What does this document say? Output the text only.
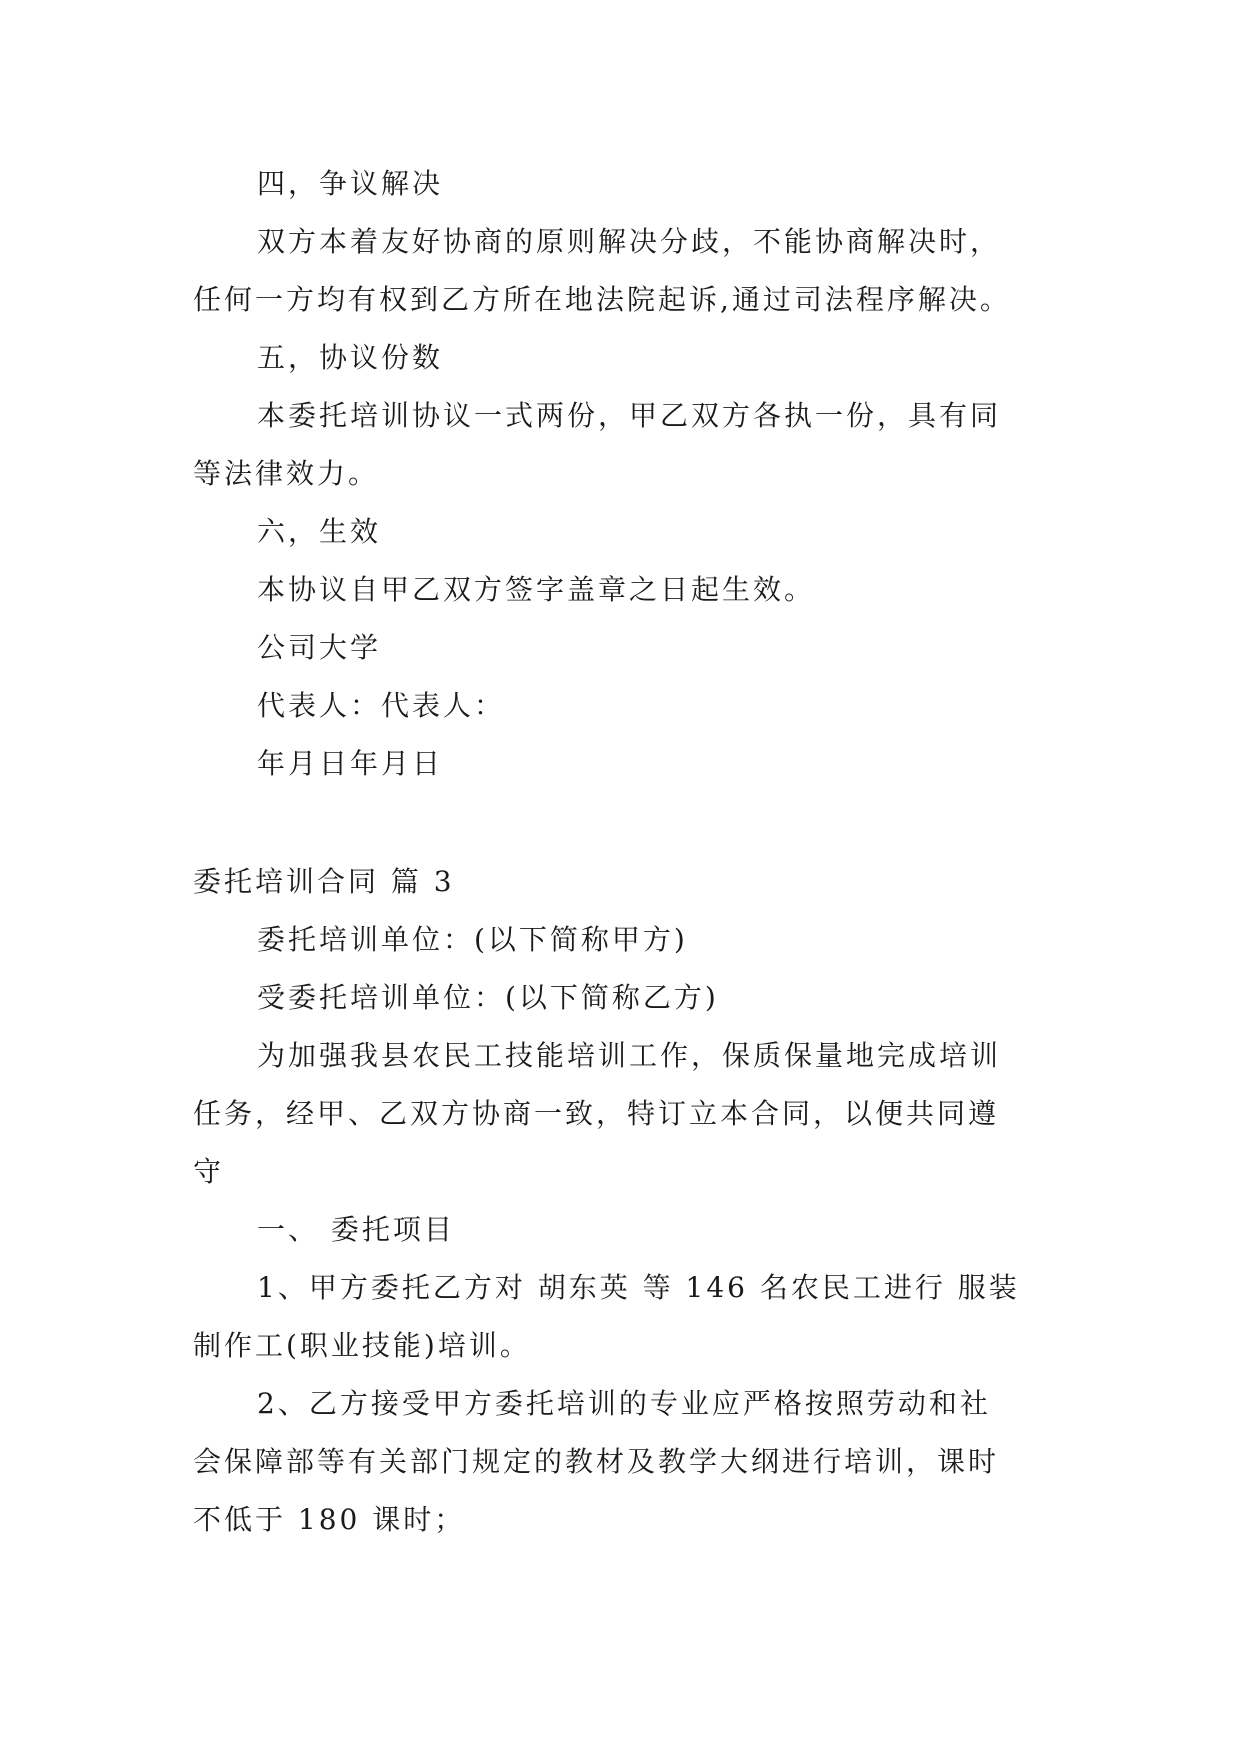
四，争议解决
双方本着友好协商的原则解决分歧，不能协商解决时，
任何一方均有权到乙方所在地法院起诉,通过司法程序解决。
五，协议份数
本委托培训协议一式两份，甲乙双方各执一份，具有同
等法律效力。
六，生效
本协议自甲乙双方签字盖章之日起生效。
公司大学
代表人：代表人：
年月日年月日
委托培训合同 篇 3
委托培训单位：(以下简称甲方)
受委托培训单位：(以下简称乙方)
为加强我县农民工技能培训工作，保质保量地完成培训
任务，经甲、乙双方协商一致，特订立本合同，以便共同遵
守
一、 委托项目
1、甲方委托乙方对 胡东英 等 146 名农民工进行 服装
制作工(职业技能)培训。
2、乙方接受甲方委托培训的专业应严格按照劳动和社
会保障部等有关部门规定的教材及教学大纲进行培训，课时
不低于 180 课时；
